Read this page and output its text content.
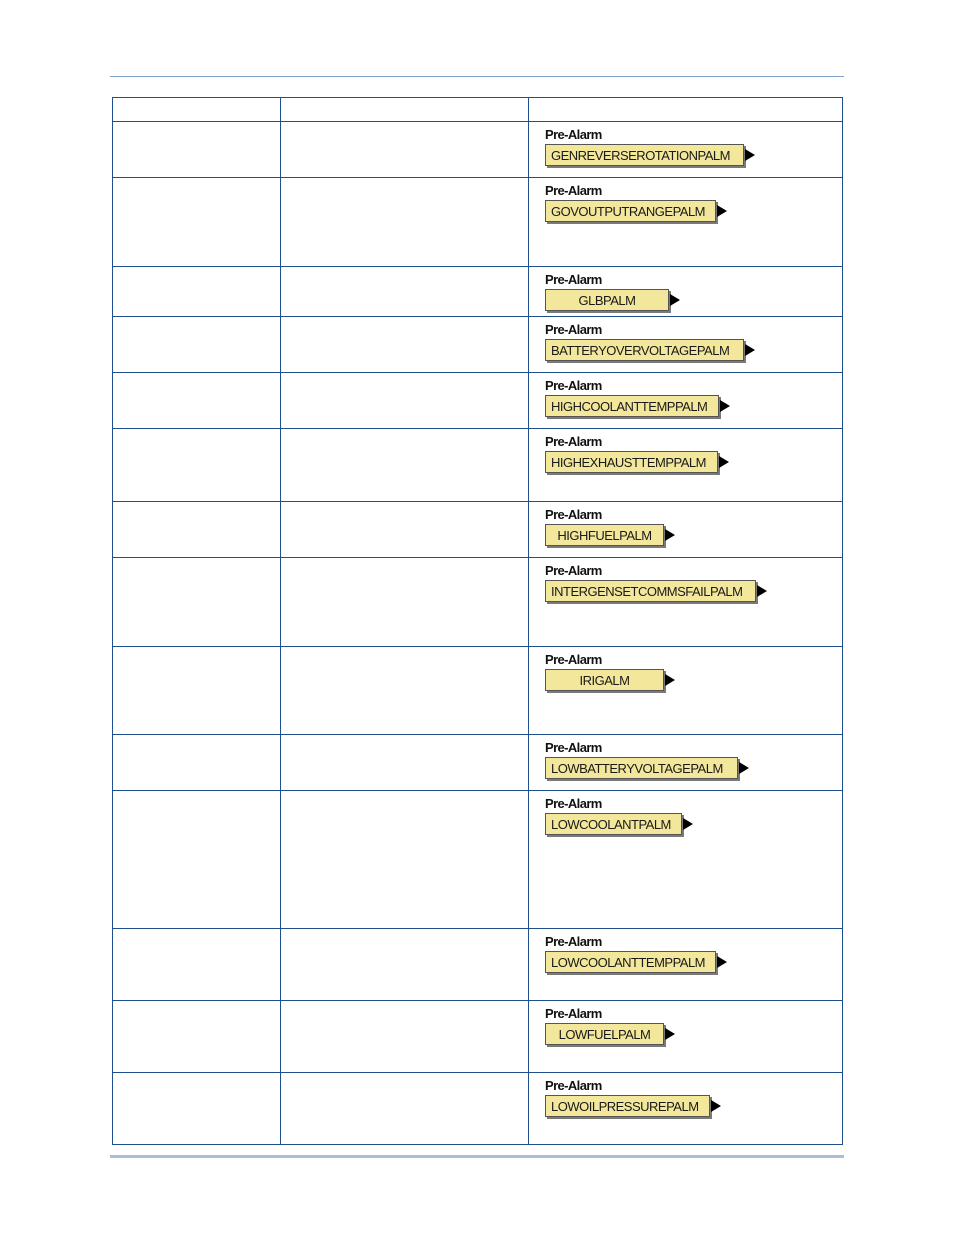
		Pre-Alarm
GENREVERSEROTATIONPALM

		Pre-Alarm
GOVOUTPUTRANGEPALM

		Pre-Alarm
GLBPALM

		Pre-Alarm
BATTERYOVERVOLTAGEPALM

		Pre-Alarm
HIGHCOOLANTTEMPPALM

		Pre-Alarm
HIGHEXHAUSTTEMPPALM

		Pre-Alarm
HIGHFUELPALM

		Pre-Alarm
INTERGENSETCOMMSFAILPALM

		Pre-Alarm
IRIGALM

		Pre-Alarm
LOWBATTERYVOLTAGEPALM

		Pre-Alarm
LOWCOOLANTPALM

		Pre-Alarm
LOWCOOLANTTEMPPALM

		Pre-Alarm
LOWFUELPALM

		Pre-Alarm
LOWOILPRESSUREPALM
